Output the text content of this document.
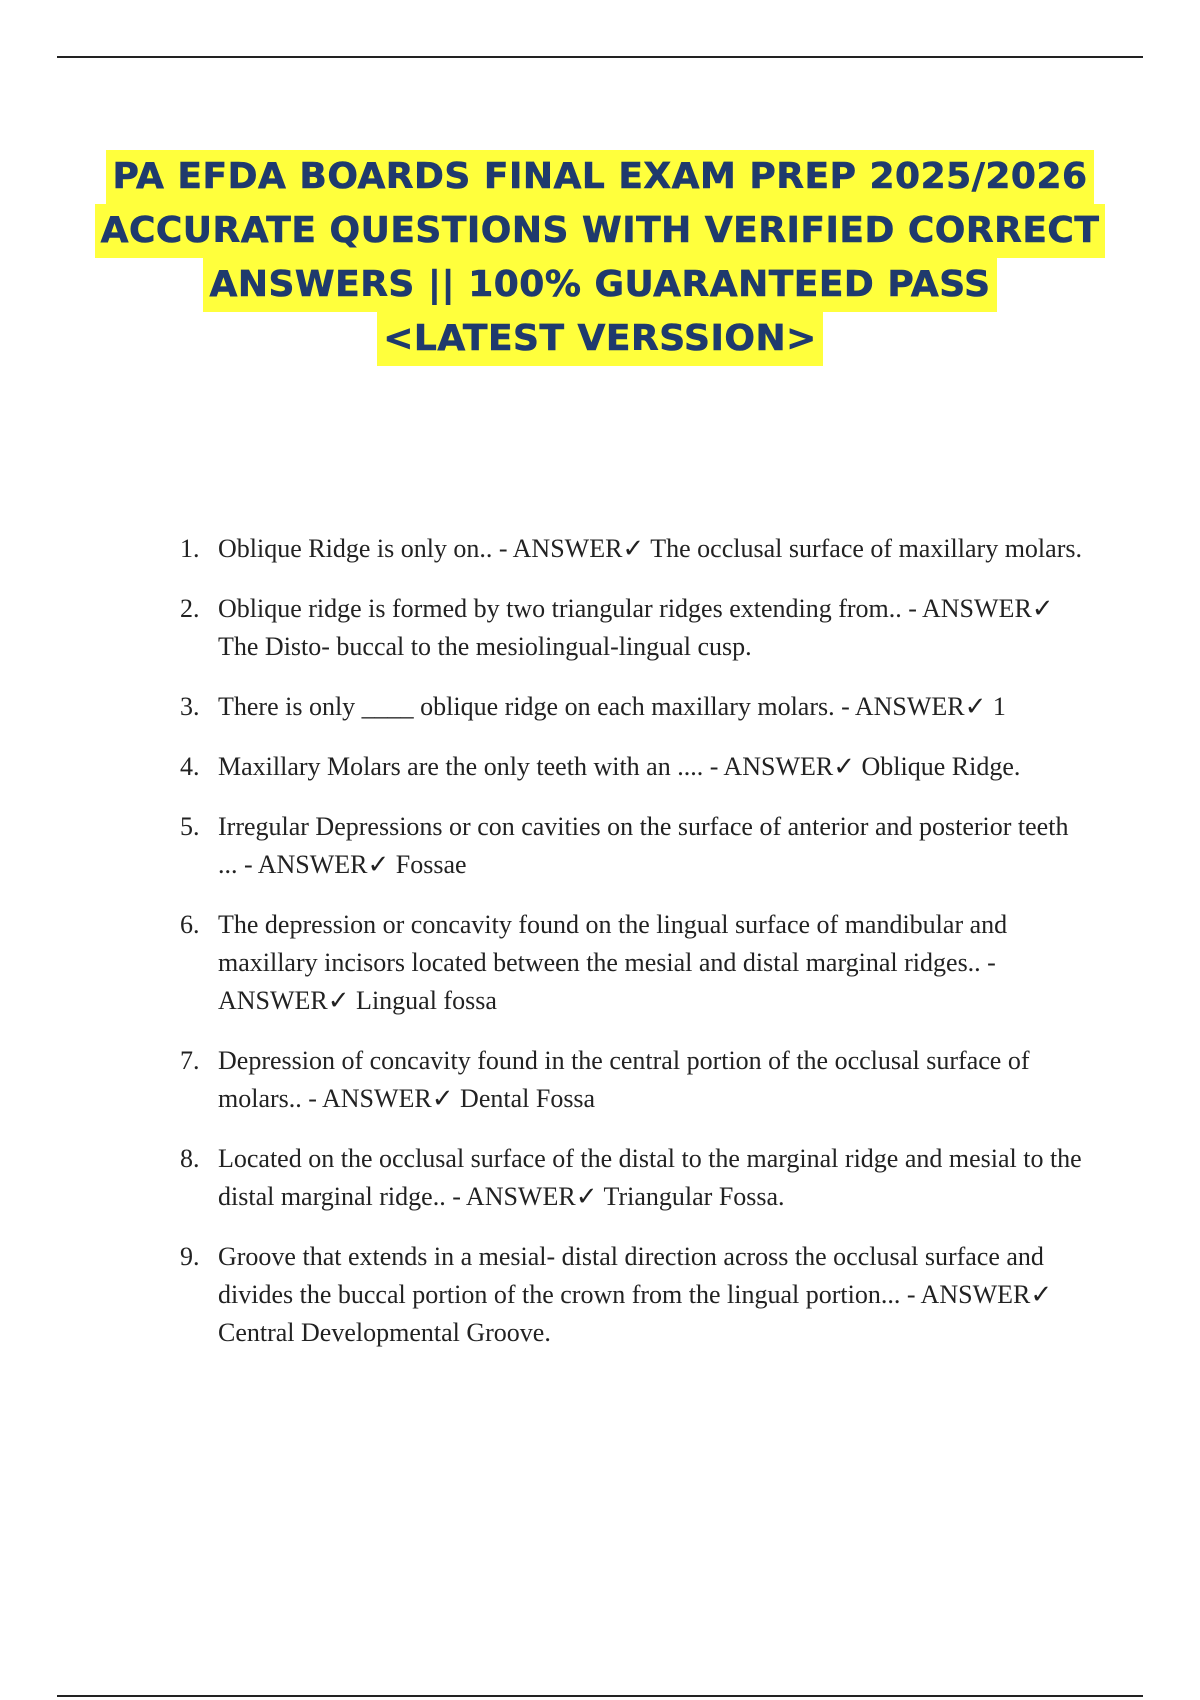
PA EFDA BOARDS FINAL EXAM PREP 2025/2026
ACCURATE QUESTIONS WITH VERIFIED CORRECT
ANSWERS || 100% GUARANTEED PASS
<LATEST VERSSION>
1. Oblique Ridge is only on.. - ANSWER✓ The occlusal surface of maxillary molars.
2. Oblique ridge is formed by two triangular ridges extending from.. - ANSWER✓ The Disto- buccal to the mesiolingual-lingual cusp.
3. There is only ____ oblique ridge on each maxillary molars. - ANSWER✓ 1
4. Maxillary Molars are the only teeth with an .... - ANSWER✓ Oblique Ridge.
5. Irregular Depressions or con cavities on the surface of anterior and posterior teeth ... - ANSWER✓ Fossae
6. The depression or concavity found on the lingual surface of mandibular and maxillary incisors located between the mesial and distal marginal ridges.. - ANSWER✓ Lingual fossa
7. Depression of concavity found in the central portion of the occlusal surface of molars.. - ANSWER✓ Dental Fossa
8. Located on the occlusal surface of the distal to the marginal ridge and mesial to the distal marginal ridge.. - ANSWER✓ Triangular Fossa.
9. Groove that extends in a mesial- distal direction across the occlusal surface and divides the buccal portion of the crown from the lingual portion... - ANSWER✓ Central Developmental Groove.
